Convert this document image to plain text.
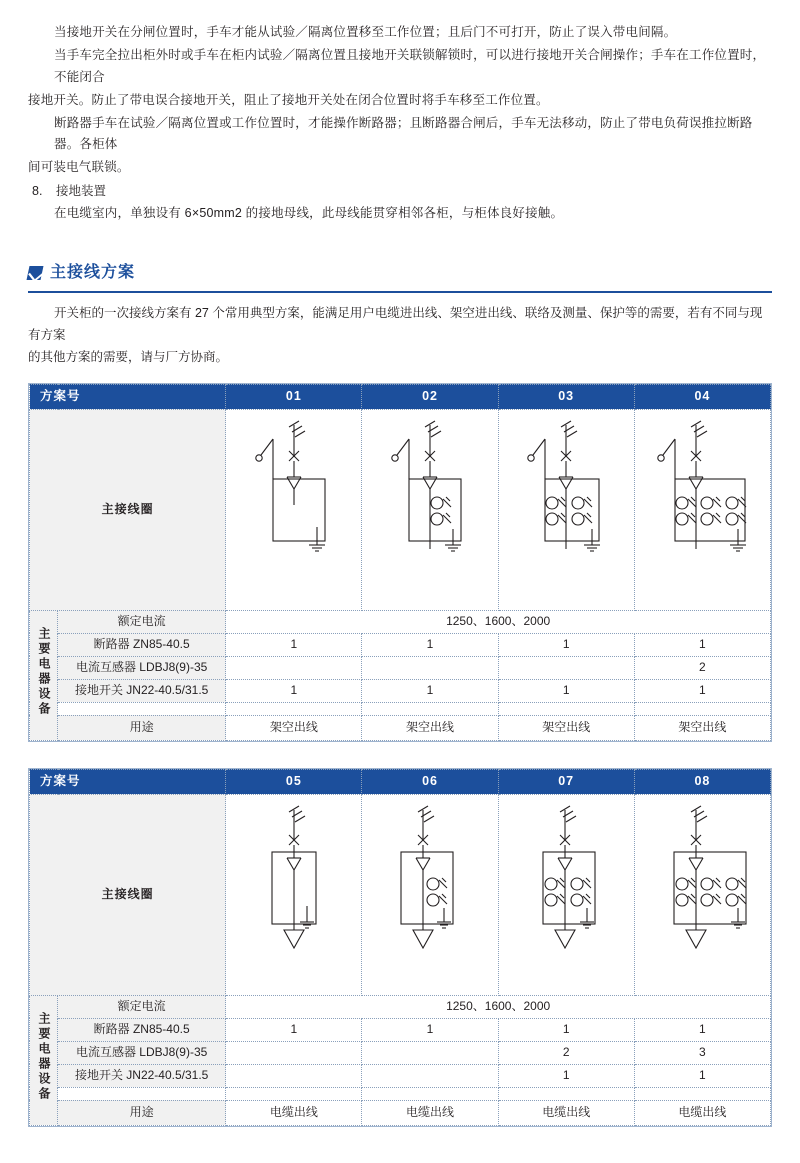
当接地开关在分闸位置时，手车才能从试验／隔离位置移至工作位置；且后门不可打开，防止了误入带电间隔。

当手车完全拉出柜外时或手车在柜内试验／隔离位置且接地开关联锁解锁时，可以进行接地开关合闸操作；手车在工作位置时，不能闭合

接地开关。防止了带电误合接地开关，阻止了接地开关处在闭合位置时将手车移至工作位置。

断路器手车在试验／隔离位置或工作位置时，才能操作断路器；且断路器合闸后，手车无法移动，防止了带电负荷误推拉断路器。各柜体

间可装电气联锁。

8.	接地装置

在电缆室内，单独设有 6×50mm2 的接地母线，此母线能贯穿相邻各柜，与柜体良好接触。

主接线方案

开关柜的一次接线方案有 27 个常用典型方案，能满足用户电缆进出线、架空进出线、联络及测量、保护等的需要，若有不同与现有方案

的其他方案的需要，请与厂方协商。

方案号		01	02	03	04
主接线圈	

主要电器设备	额定电流	1250、1600、2000			
	断路器 ZN85-40.5	1	1	1	1
	电流互感器 LDBJ8(9)-35				2
	接地开关 JN22-40.5/31.5	1	1	1	1

	用途	架空出线	架空出线	架空出线	架空出线
方案号		05	06	07	08
主接线圈	

主要电器设备	额定电流	1250、1600、2000			
	断路器 ZN85-40.5	1	1	1	1
	电流互感器 LDBJ8(9)-35			2	3
	接地开关 JN22-40.5/31.5			1	1

	用途	电缆出线	电缆出线	电缆出线	电缆出线
